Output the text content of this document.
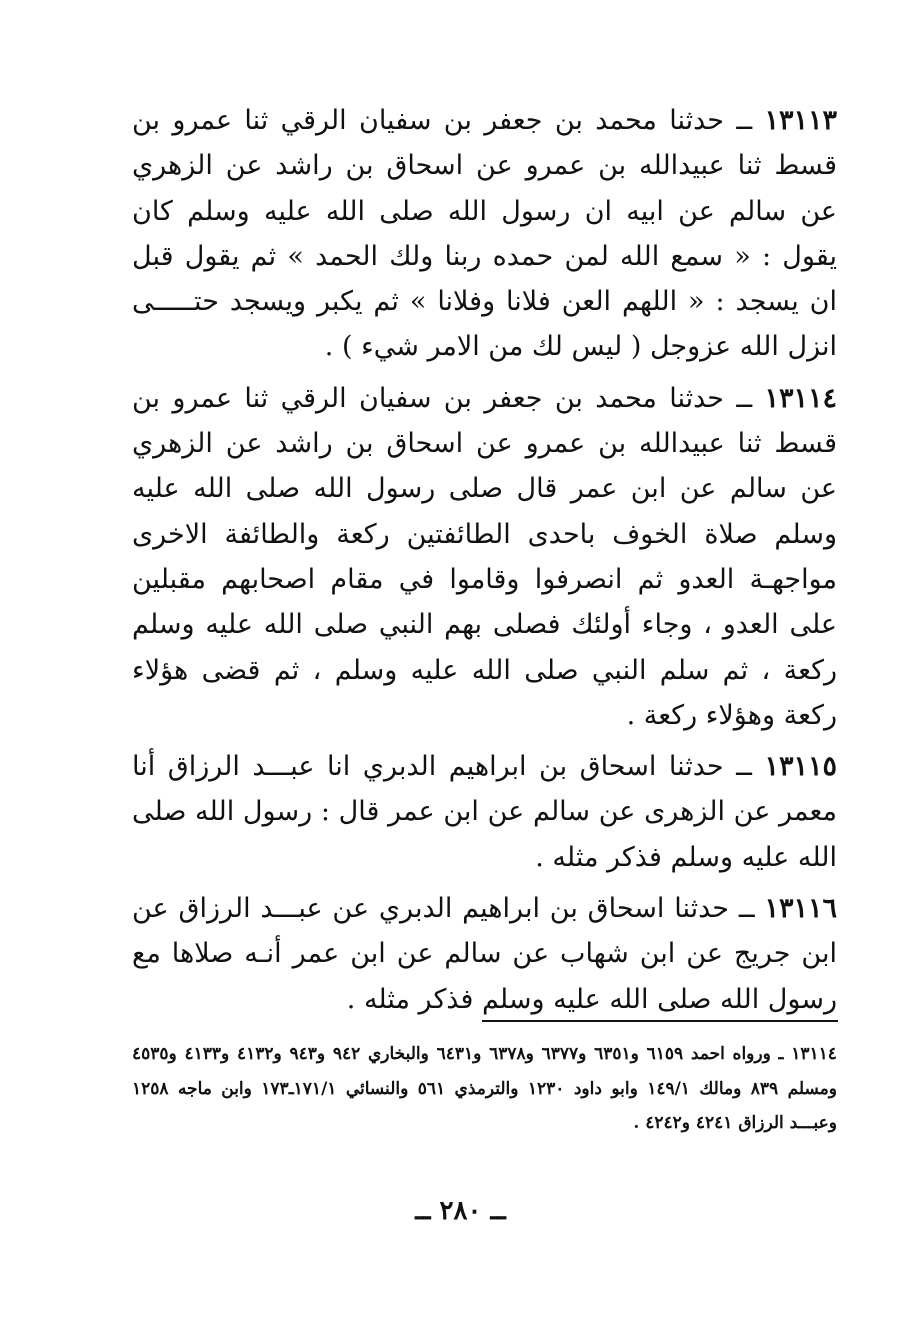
١٣١١٣ ــ حدثنا محمد بن جعفر بن سفيان الرقي ثنا عمرو بن قسط ثنا عبيدالله بن عمرو عن اسحاق بن راشد عن الزهري عن سالم عن ابيه ان رسول الله صلى الله عليه وسلم كان يقول : « سمع الله لمن حمده ربنا ولك الحمد » ثم يقول قبل ان يسجد : « اللهم العن فلانا وفلانا » ثم يكبر ويسجد حتـــــى انزل الله عزوجل ( ليس لك من الامر شيء ) .

١٣١١٤ ــ حدثنا محمد بن جعفر بن سفيان الرقي ثنا عمرو بن قسط ثنا عبيدالله بن عمرو عن اسحاق بن راشد عن الزهري عن سالم عن ابن عمر قال صلى رسول الله صلى الله عليه وسلم صلاة الخوف باحدى الطائفتين ركعة والطائفة الاخرى مواجهـة العدو ثم انصرفوا وقاموا في مقام اصحابهم مقبلين على العدو ، وجاء أولئك فصلى بهم النبي صلى الله عليه وسلم ركعة ، ثم سلم النبي صلى الله عليه وسلم ، ثم قضى هؤلاء ركعة وهؤلاء ركعة .

١٣١١٥ ــ حدثنا اسحاق بن ابراهيم الدبري انا عبـــد الرزاق أنا معمر عن الزهرى عن سالم عن ابن عمر قال : رسول الله صلى الله عليه وسلم فذكر مثله .

١٣١١٦ ــ حدثنا اسحاق بن ابراهيم الدبري عن عبـــد الرزاق عن ابن جريج عن ابن شهاب عن سالم عن ابن عمر أنـه صلاها مع رسول الله صلى الله عليه وسلم فذكر مثله .

١٣١١٤ ـ ورواه احمد ٦١٥٩ و٦٣٥١ و٦٣٧٧ و٦٣٧٨ و٦٤٣١ والبخاري ٩٤٢ و٩٤٣ و٤١٣٢ و٤١٣٣ و٤٥٣٥ ومسلم ٨٣٩ ومالك ١٤٩/١ وابو داود ١٢٣٠ والترمذي ٥٦١ والنسائي ١٧١/١ـ١٧٣ وابن ماجه ١٢٥٨ وعبـــد الرزاق ٤٢٤١ و٤٢٤٢ .
ــ ٢٨٠ ــ
